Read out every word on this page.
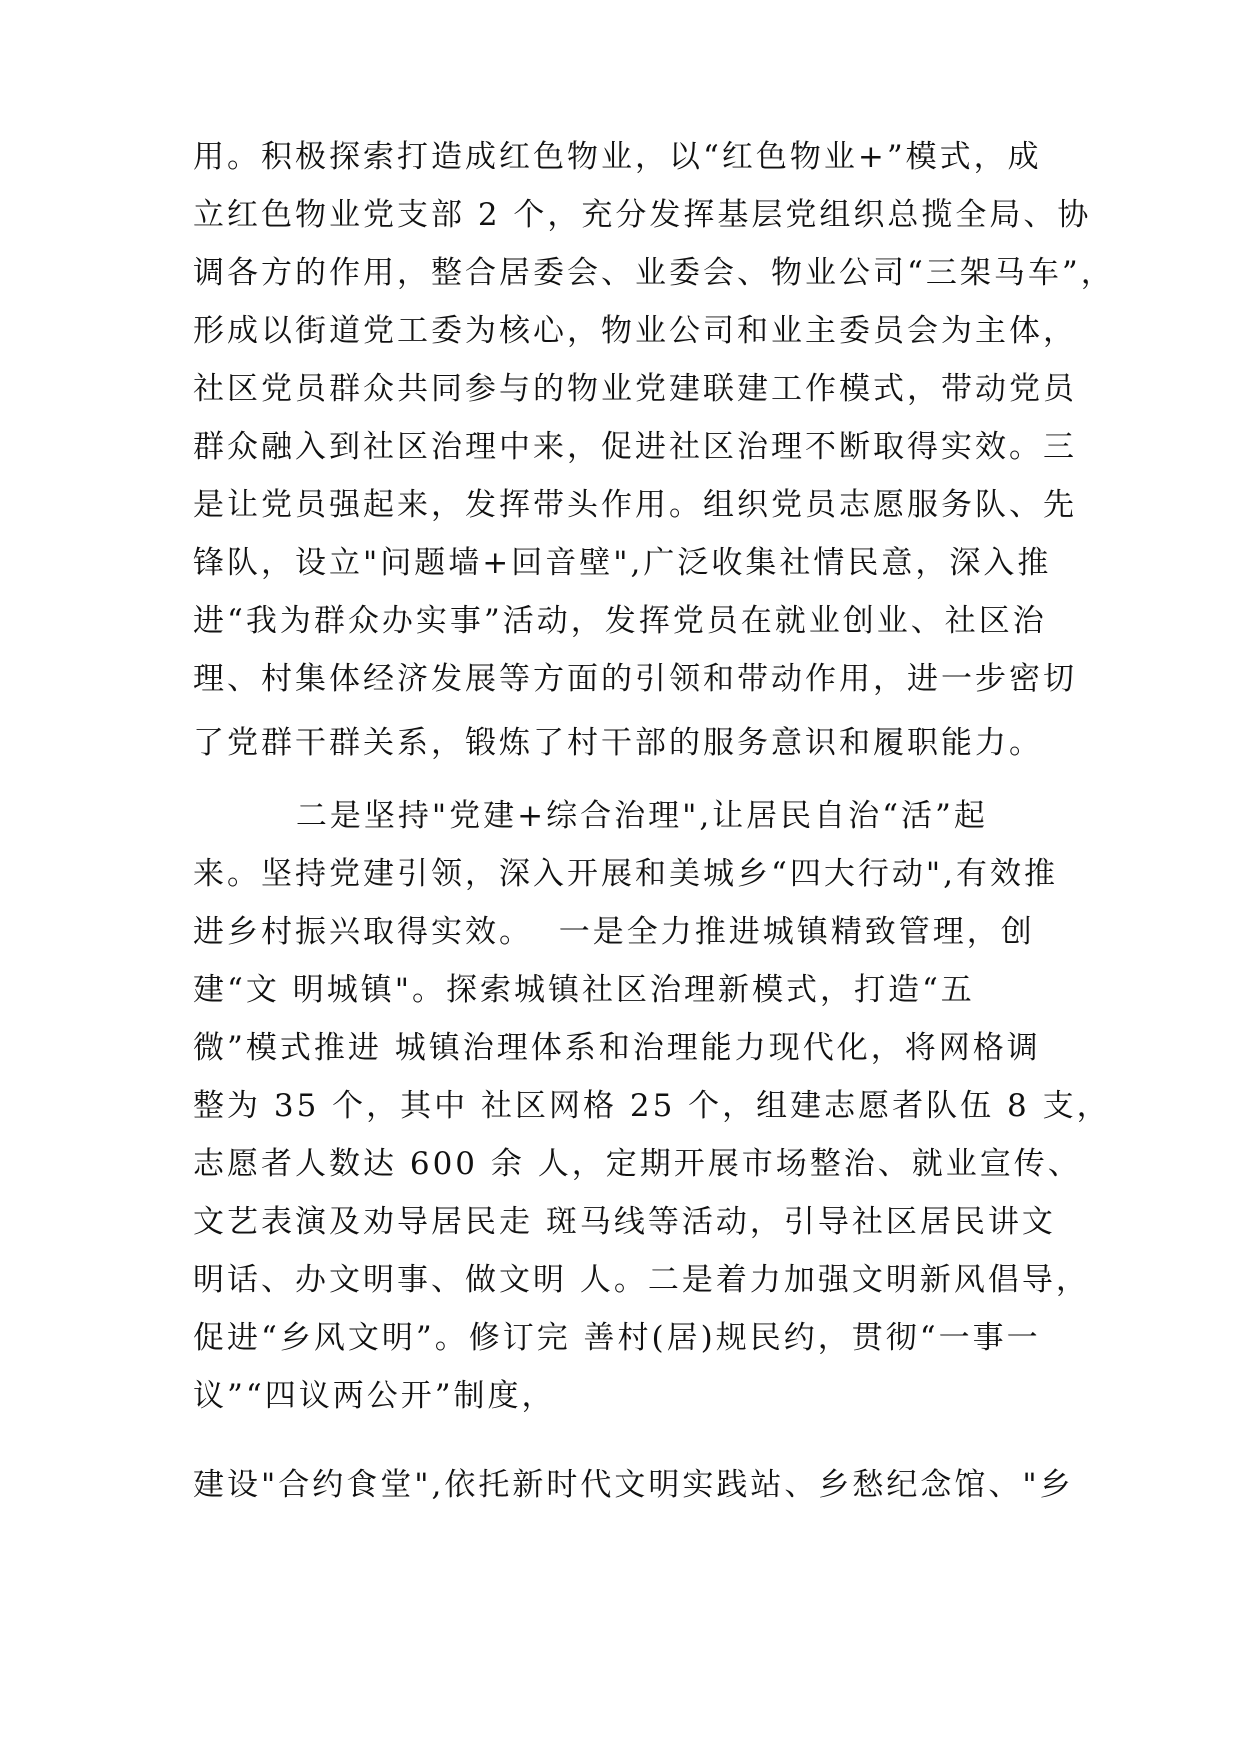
用。积极探索打造成红色物业，以“红色物业+”模式，成
立红色物业党支部 2 个，充分发挥基层党组织总揽全局、协
调各方的作用，整合居委会、业委会、物业公司“三架马车”，
形成以街道党工委为核心，物业公司和业主委员会为主体，
社区党员群众共同参与的物业党建联建工作模式，带动党员
群众融入到社区治理中来，促进社区治理不断取得实效。三
是让党员强起来，发挥带头作用。组织党员志愿服务队、先
锋队，设立"问题墙+回音壁",广泛收集社情民意，深入推
进“我为群众办实事”活动，发挥党员在就业创业、社区治
理、村集体经济发展等方面的引领和带动作用，进一步密切
了党群干群关系，锻炼了村干部的服务意识和履职能力。
二是坚持"党建+综合治理",让居民自治“活”起
来。坚持党建引领，深入开展和美城乡“四大行动",有效推
进乡村振兴取得实效。  一是全力推进城镇精致管理，创
建“文 明城镇"。探索城镇社区治理新模式，打造“五
微”模式推进 城镇治理体系和治理能力现代化，将网格调
整为 35 个，其中 社区网格 25 个，组建志愿者队伍 8 支，
志愿者人数达 600 余 人，定期开展市场整治、就业宣传、
文艺表演及劝导居民走 斑马线等活动，引导社区居民讲文
明话、办文明事、做文明 人。二是着力加强文明新风倡导，
促进“乡风文明”。修订完 善村(居)规民约，贯彻“一事一
议”“四议两公开”制度，
建设"合约食堂",依托新时代文明实践站、乡愁纪念馆、"乡
